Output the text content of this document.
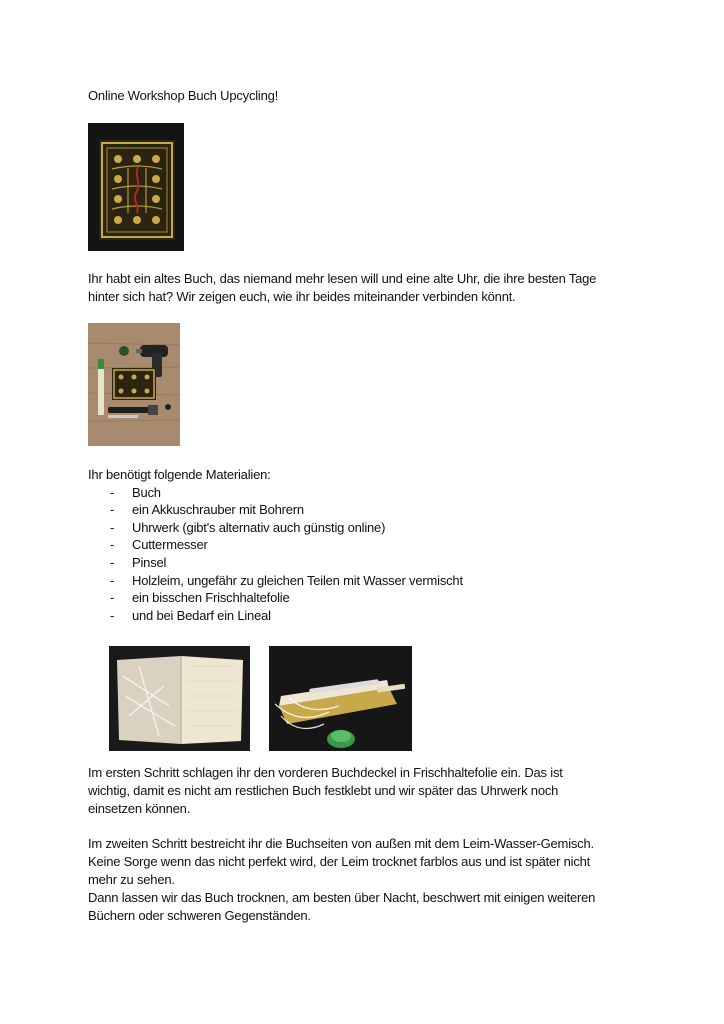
Online Workshop Buch Upcycling!

Ihr habt ein altes Buch, das niemand mehr lesen will und eine alte Uhr, die ihre besten Tage

hinter sich hat? Wir zeigen euch, wie ihr beides miteinander verbinden könnt.

Ihr benötigt folgende Materialien:
- Buch
- ein Akkuschrauber mit Bohrern
- Uhrwerk (gibt's alternativ auch günstig online)
- Cuttermesser
- Pinsel
- Holzleim, ungefähr zu gleichen Teilen mit Wasser vermischt
- ein bisschen Frischhaltefolie
- und bei Bedarf ein Lineal

Im ersten Schritt schlagen ihr den vorderen Buchdeckel in Frischhaltefolie ein. Das ist

wichtig, damit es nicht am restlichen Buch festklebt und wir später das Uhrwerk noch

einsetzen können.

Im zweiten Schritt bestreicht ihr die Buchseiten von außen mit dem Leim-Wasser-Gemisch.

Keine Sorge wenn das nicht perfekt wird, der Leim trocknet farblos aus und ist später nicht

mehr zu sehen.

Dann lassen wir das Buch trocknen, am besten über Nacht, beschwert mit einigen weiteren

Büchern oder schweren Gegenständen.
